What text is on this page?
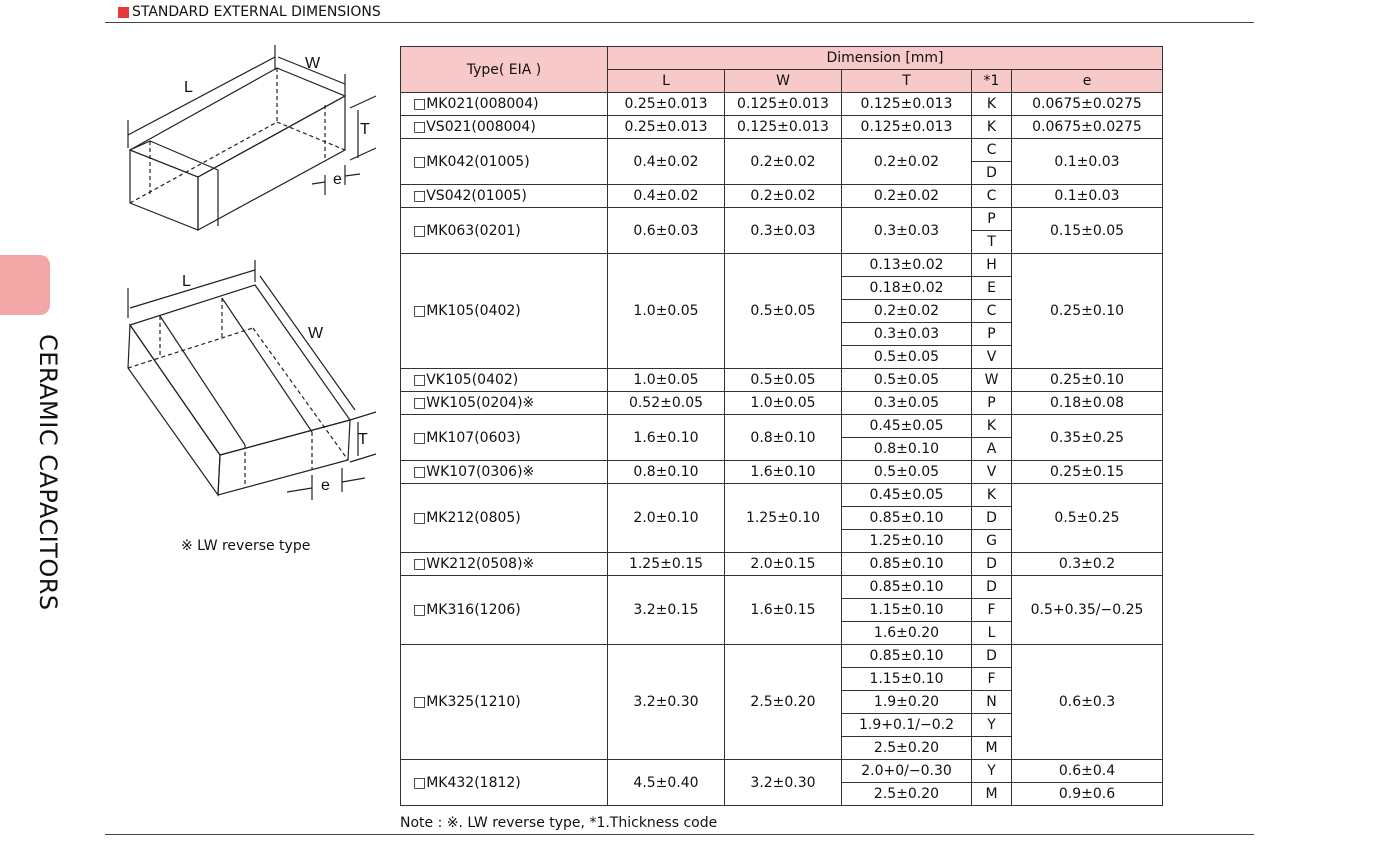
STANDARD EXTERNAL DIMENSIONS
CERAMIC CAPACITORS
L
W
T
e
L
W
T
e
※ LW reverse type
Type( EIA )	Dimension [mm]				
	L	W	T	*1	e
□MK021(008004)	0.25±0.013	0.125±0.013	0.125±0.013	K	0.0675±0.0275
□VS021(008004)	0.25±0.013	0.125±0.013	0.125±0.013	K	0.0675±0.0275
□MK042(01005)	0.4±0.02	0.2±0.02	0.2±0.02	C	0.1±0.03
				D	
□VS042(01005)	0.4±0.02	0.2±0.02	0.2±0.02	C	0.1±0.03
□MK063(0201)	0.6±0.03	0.3±0.03	0.3±0.03	P	0.15±0.05
				T	
□MK105(0402)	1.0±0.05	0.5±0.05	0.13±0.02	H	0.25±0.10
			0.18±0.02	E	
			0.2±0.02	C	
			0.3±0.03	P	
			0.5±0.05	V	
□VK105(0402)	1.0±0.05	0.5±0.05	0.5±0.05	W	0.25±0.10
□WK105(0204)※	0.52±0.05	1.0±0.05	0.3±0.05	P	0.18±0.08
□MK107(0603)	1.6±0.10	0.8±0.10	0.45±0.05	K	0.35±0.25
			0.8±0.10	A	
□WK107(0306)※	0.8±0.10	1.6±0.10	0.5±0.05	V	0.25±0.15
□MK212(0805)	2.0±0.10	1.25±0.10	0.45±0.05	K	0.5±0.25
			0.85±0.10	D	
			1.25±0.10	G	
□WK212(0508)※	1.25±0.15	2.0±0.15	0.85±0.10	D	0.3±0.2
□MK316(1206)	3.2±0.15	1.6±0.15	0.85±0.10	D	0.5+0.35/−0.25
			1.15±0.10	F	
			1.6±0.20	L	
□MK325(1210)	3.2±0.30	2.5±0.20	0.85±0.10	D	0.6±0.3
			1.15±0.10	F	
			1.9±0.20	N	
			1.9+0.1/−0.2	Y	
			2.5±0.20	M	
□MK432(1812)	4.5±0.40	3.2±0.30	2.0+0/−0.30	Y	0.6±0.4
			2.5±0.20	M	0.9±0.6
Note : ※. LW reverse type, *1.Thickness code
